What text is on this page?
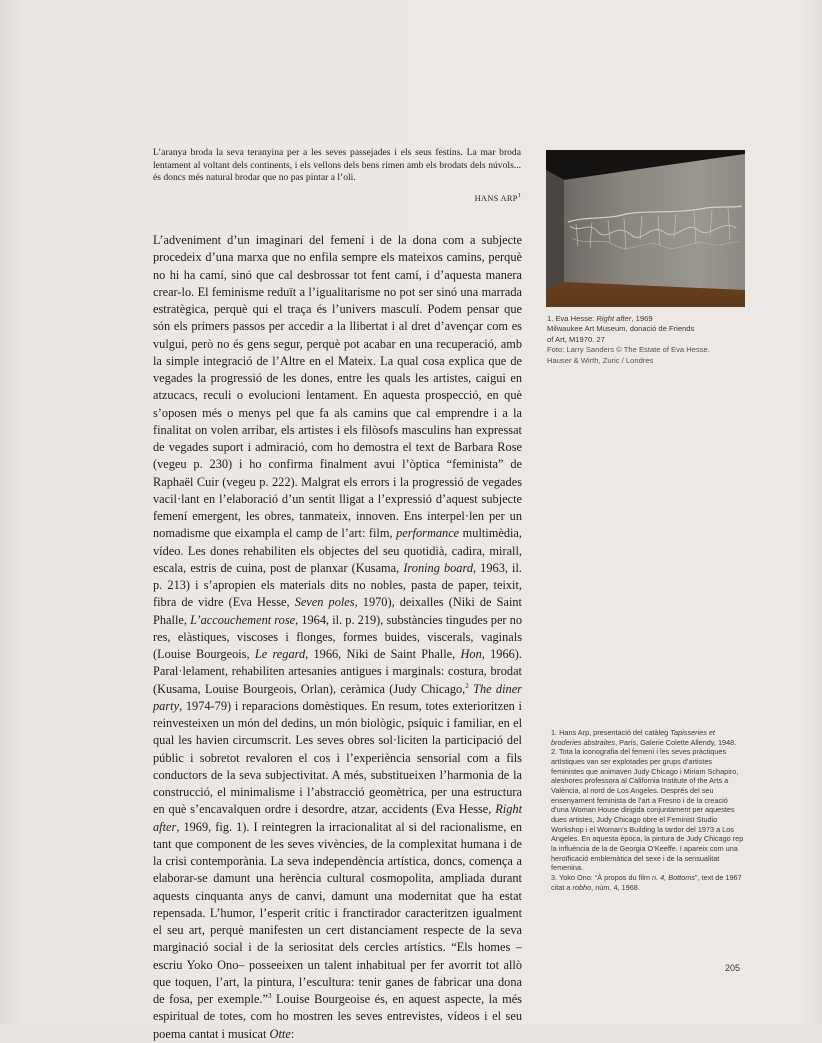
L’aranya broda la seva teranyina per a les seves passejades i els seus festins. La mar broda lentament al voltant dels continents, i els vellons dels bens rimen amb els brodats dels núvols... és doncs més natural brodar que no pas pintar a l’oli.

HANS ARP$^1$

L’adveniment d’un imaginari del femení i de la dona com a subjecte procedeix d’una marxa que no enfila sempre els mateixos camins, perquè no hi ha camí, sinó que cal desbrossar tot fent camí, i d’aquesta manera crear-lo. El feminisme reduït a l’igualitarisme no pot ser sinó una marrada estratègica, perquè qui el traça és l’univers masculí. Podem pensar que són els primers passos per accedir a la llibertat i al dret d’avençar com es vulgui, però no és gens segur, perquè pot acabar en una recuperació, amb la simple integració de l’Altre en el Mateix. La qual cosa explica que de vegades la progressió de les dones, entre les quals les artistes, caigui en atzucacs, reculi o evolucioni lentament. En aquesta prospecció, en què s’oposen més o menys pel que fa als camins que cal emprendre i a la finalitat on volen arribar, els artistes i els filòsofs masculins han expressat de vegades suport i admiració, com ho demostra el text de Barbara Rose (vegeu p. 230) i ho confirma finalment avui l’òptica “feminista” de Raphaël Cuir (vegeu p. 222). Malgrat els errors i la progressió de vegades vacil·lant en l’elaboració d’un sentit lligat a l’expressió d’aquest subjecte femení emergent, les obres, tanmateix, innoven. Ens interpel·len per un nomadisme que eixampla el camp de l’art: film, performance multimèdia, vídeo. Les dones rehabiliten els objectes del seu quotidià, cadira, mirall, escala, estris de cuina, post de planxar (Kusama, Ironing board, 1963, il. p. 213) i s’apropien els materials dits no nobles, pasta de paper, teixit, fibra de vidre (Eva Hesse, Seven poles, 1970), deixalles (Niki de Saint Phalle, L’accouchement rose, 1964, il. p. 219), substàncies tingudes per no res, elàstiques, viscoses i flonges, formes buides, viscerals, vaginals (Louise Bourgeois, Le regard, 1966, Niki de Saint Phalle, Hon, 1966). Paral·lelament, rehabiliten artesanies antigues i marginals: costura, brodat (Kusama, Louise Bourgeois, Orlan), ceràmica (Judy Chicago,$^2$ The diner party, 1974-79) i reparacions domèstiques. En resum, totes exterioritzen i reinvesteixen un món del dedins, un món biològic, psíquic i familiar, en el qual les havien circumscrit. Les seves obres sol·liciten la participació del públic i sobretot revaloren el cos i l’experiència sensorial com a fils conductors de la seva subjectivitat. A més, substitueixen l’harmonia de la construcció, el minimalisme i l’abstracció geomètrica, per una estructura en què s’encavalquen ordre i desordre, atzar, accidents (Eva Hesse, Right after, 1969, fig. 1). I reintegren la irracionalitat al si del racionalisme, en tant que component de les seves vivències, de la complexitat humana i de la crisi contemporània. La seva independència artística, doncs, comença a elaborar-se damunt una herència cultural cosmopolita, ampliada durant aquests cinquanta anys de canvi, damunt una modernitat que ha estat repensada. L’humor, l’esperit crític i franctirador caracteritzen igualment el seu art, perquè manifesten un cert distanciament respecte de la seva marginació social i de la seriositat dels cercles artístics. “Els homes –escriu Yoko Ono– posseeixen un talent inhabitual per fer avorrit tot allò que toquen, l’art, la pintura, l’escultura: tenir ganes de fabricar una dona de fosa, per exemple.”$^3$ Louise Bourgeoise és, en aquest aspecte, la més espiritual de totes, com ho mostren les seves entrevistes, vídeos i el seu poema cantat i musicat Otte:

1. Eva Hesse: Right after, 1969
Milwaukee Art Museum, donació de Friends
of Art, M1970. 27
Foto: Larry Sanders © The Estate of Eva Hesse.
Hauser & Wirth, Zuric / Londres

1. Hans Arp, presentació del catàleg Tapisseries et broderies abstraites, París, Galerie Colette Allendy, 1948.

2. Tota la iconografia del femení i les seves pràctiques artístiques van ser explotades per grups d’artistes feministes que animaven Judy Chicago i Miriam Schapiro, aleshores professora al California Institute of the Arts a València, al nord de Los Angeles. Després del seu ensenyament feminista de l’art a Fresno i de la creació d’una Woman House dirigida conjuntament per aquestes dues artistes, Judy Chicago obre el Feminist Studio Workshop i el Woman’s Building la tardor del 1973 a Los Angeles. En aquesta època, la pintura de Judy Chicago rep la influència de la de Georgia O’Keeffe. I apareix com una heroïficació emblemàtica del sexe i de la sensualitat femenina.

3. Yoko Ono: “À propos du film n. 4, Bottoms”, text de 1967 citat a robho, núm. 4, 1968.

205
